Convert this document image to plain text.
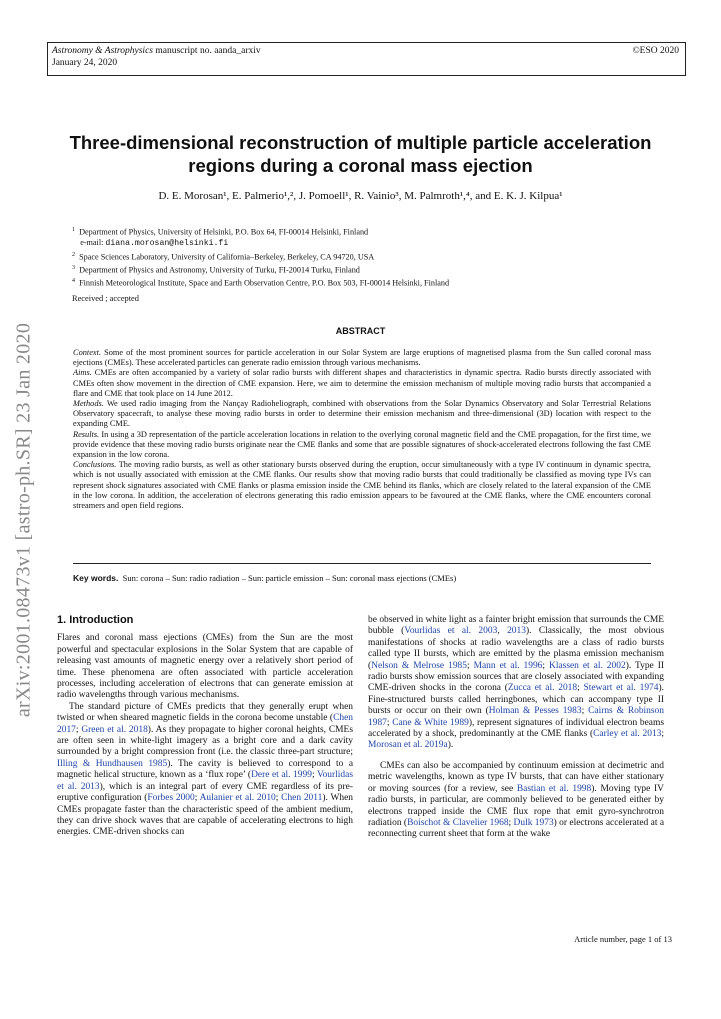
Astronomy & Astrophysics manuscript no. aanda_arxiv
January 24, 2020
©ESO 2020
arXiv:2001.08473v1 [astro-ph.SR] 23 Jan 2020
Three-dimensional reconstruction of multiple particle acceleration
regions during a coronal mass ejection
D. E. Morosan¹, E. Palmerio¹,², J. Pomoell¹, R. Vainio³, M. Palmroth¹,⁴, and E. K. J. Kilpua¹
$^1$ Department of Physics, University of Helsinki, P.O. Box 64, FI-00014 Helsinki, Finland
e-mail: diana.morosan@helsinki.fi
$^2$ Space Sciences Laboratory, University of California–Berkeley, Berkeley, CA 94720, USA
$^3$ Department of Physics and Astronomy, University of Turku, FI-20014 Turku, Finland
$^4$ Finnish Meteorological Institute, Space and Earth Observation Centre, P.O. Box 503, FI-00014 Helsinki, Finland
Received ; accepted
ABSTRACT

Context. Some of the most prominent sources for particle acceleration in our Solar System are large eruptions of magnetised plasma from the Sun called coronal mass ejections (CMEs). These accelerated particles can generate radio emission through various mechanisms.

Aims. CMEs are often accompanied by a variety of solar radio bursts with different shapes and characteristics in dynamic spectra. Radio bursts directly associated with CMEs often show movement in the direction of CME expansion. Here, we aim to determine the emission mechanism of multiple moving radio bursts that accompanied a flare and CME that took place on 14 June 2012.

Methods. We used radio imaging from the Nançay Radioheliograph, combined with observations from the Solar Dynamics Observatory and Solar Terrestrial Relations Observatory spacecraft, to analyse these moving radio bursts in order to determine their emission mechanism and three-dimensional (3D) location with respect to the expanding CME.

Results. In using a 3D representation of the particle acceleration locations in relation to the overlying coronal magnetic field and the CME propagation, for the first time, we provide evidence that these moving radio bursts originate near the CME flanks and some that are possible signatures of shock-accelerated electrons following the fast CME expansion in the low corona.

Conclusions. The moving radio bursts, as well as other stationary bursts observed during the eruption, occur simultaneously with a type IV continuum in dynamic spectra, which is not usually associated with emission at the CME flanks. Our results show that moving radio bursts that could traditionally be classified as moving type IVs can represent shock signatures associated with CME flanks or plasma emission inside the CME behind its flanks, which are closely related to the lateral expansion of the CME in the low corona. In addition, the acceleration of electrons generating this radio emission appears to be favoured at the CME flanks, where the CME encounters coronal streamers and open field regions.

Key words. Sun: corona – Sun: radio radiation – Sun: particle emission – Sun: coronal mass ejections (CMEs)
1. Introduction

Flares and coronal mass ejections (CMEs) from the Sun are the most powerful and spectacular explosions in the Solar System that are capable of releasing vast amounts of magnetic energy over a relatively short period of time. These phenomena are often associated with particle acceleration processes, including acceleration of electrons that can generate emission at radio wavelengths through various mechanisms.

The standard picture of CMEs predicts that they generally erupt when twisted or when sheared magnetic fields in the corona become unstable (Chen 2017; Green et al. 2018). As they propagate to higher coronal heights, CMEs are often seen in white-light imagery as a bright core and a dark cavity surrounded by a bright compression front (i.e. the classic three-part structure; Illing & Hundhausen 1985). The cavity is believed to correspond to a magnetic helical structure, known as a ‘flux rope’ (Dere et al. 1999; Vourlidas et al. 2013), which is an integral part of every CME regardless of its pre-eruptive configuration (Forbes 2000; Aulanier et al. 2010; Chen 2011). When CMEs propagate faster than the characteristic speed of the ambient medium, they can drive shock waves that are capable of accelerating electrons to high energies. CME-driven shocks can

be observed in white light as a fainter bright emission that surrounds the CME bubble (Vourlidas et al. 2003, 2013). Classically, the most obvious manifestations of shocks at radio wavelengths are a class of radio bursts called type II bursts, which are emitted by the plasma emission mechanism (Nelson & Melrose 1985; Mann et al. 1996; Klassen et al. 2002). Type II radio bursts show emission sources that are closely associated with expanding CME-driven shocks in the corona (Zucca et al. 2018; Stewart et al. 1974). Fine-structured bursts called herringbones, which can accompany type II bursts or occur on their own (Holman & Pesses 1983; Cairns & Robinson 1987; Cane & White 1989), represent signatures of individual electron beams accelerated by a shock, predominantly at the CME flanks (Carley et al. 2013; Morosan et al. 2019a).

CMEs can also be accompanied by continuum emission at decimetric and metric wavelengths, known as type IV bursts, that can have either stationary or moving sources (for a review, see Bastian et al. 1998). Moving type IV radio bursts, in particular, are commonly believed to be generated either by electrons trapped inside the CME flux rope that emit gyro-synchrotron radiation (Boischot & Clavelier 1968; Dulk 1973) or electrons accelerated at a reconnecting current sheet that form at the wake

Article number, page 1 of 13
